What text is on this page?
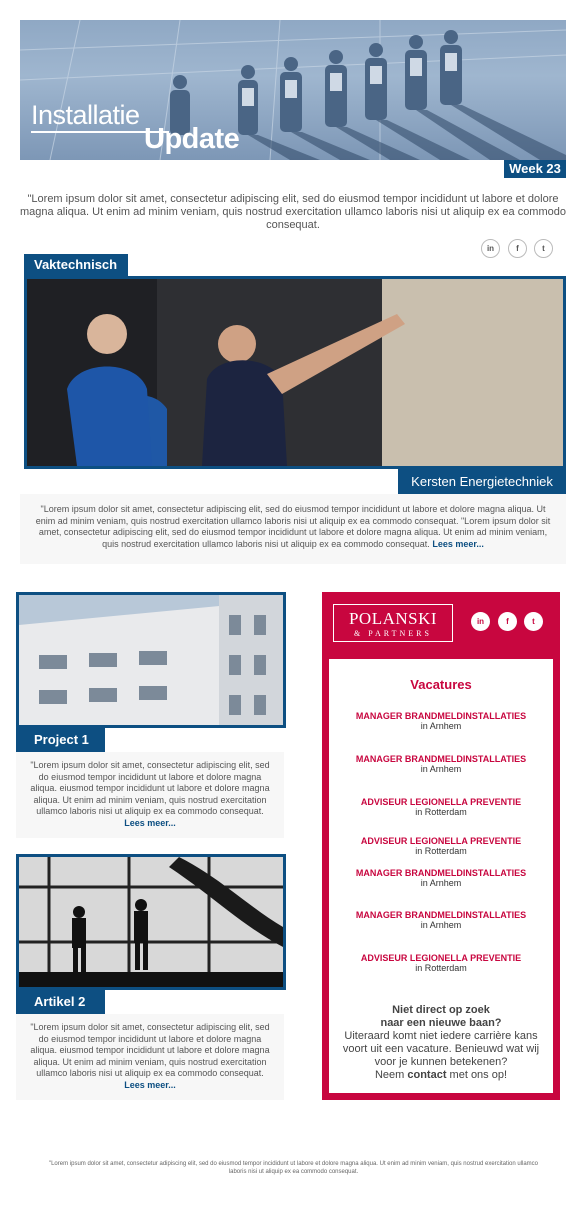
Installatie
Update
Week 23
"Lorem ipsum dolor sit amet, consectetur adipiscing elit, sed do eiusmod tempor incididunt ut labore et dolore magna aliqua. Ut enim ad minim veniam, quis nostrud exercitation ullamco laboris nisi ut aliquip ex ea commodo consequat.
in	f	t
Vaktechnisch
Kersten Energietechniek

"Lorem ipsum dolor sit amet, consectetur adipiscing elit, sed do eiusmod tempor incididunt ut labore et dolore magna aliqua. Ut enim ad minim veniam, quis nostrud exercitation ullamco laboris nisi ut aliquip ex ea commodo consequat. "Lorem ipsum dolor sit amet, consectetur adipiscing elit, sed do eiusmod tempor incididunt ut labore et dolore magna aliqua. Ut enim ad minim veniam, quis nostrud exercitation ullamco laboris nisi ut aliquip ex ea commodo consequat. Lees meer...

Project 1

"Lorem ipsum dolor sit amet, consectetur adipiscing elit, sed do eiusmod tempor incididunt ut labore et dolore magna aliqua. eiusmod tempor incididunt ut labore et dolore magna aliqua. Ut enim ad minim veniam, quis nostrud exercitation ullamco laboris nisi ut aliquip ex ea commodo consequat. Lees meer...

Artikel 2

"Lorem ipsum dolor sit amet, consectetur adipiscing elit, sed do eiusmod tempor incididunt ut labore et dolore magna aliqua. eiusmod tempor incididunt ut labore et dolore magna aliqua. Ut enim ad minim veniam, quis nostrud exercitation ullamco laboris nisi ut aliquip ex ea commodo consequat. Lees meer...

POLANSKI
& PARTNERS
in	f	t
Vacatures
MANAGER BRANDMELDINSTALLATIES
in Arnhem
MANAGER BRANDMELDINSTALLATIES
in Arnhem
ADVISEUR LEGIONELLA PREVENTIE
in Rotterdam
ADVISEUR LEGIONELLA PREVENTIE
in Rotterdam
MANAGER BRANDMELDINSTALLATIES
in Arnhem
MANAGER BRANDMELDINSTALLATIES
in Arnhem
ADVISEUR LEGIONELLA PREVENTIE
in Rotterdam
Niet direct op zoek
naar een nieuwe baan?
Uiteraard komt niet iedere carrière kans voort uit een vacature. Benieuwd wat wij voor je kunnen betekenen?
Neem contact met ons op!
"Lorem ipsum dolor sit amet, consectetur adipiscing elit, sed do eiusmod tempor incididunt ut labore et dolore magna aliqua. Ut enim ad minim veniam, quis nostrud exercitation ullamco laboris nisi ut aliquip ex ea commodo consequat.
